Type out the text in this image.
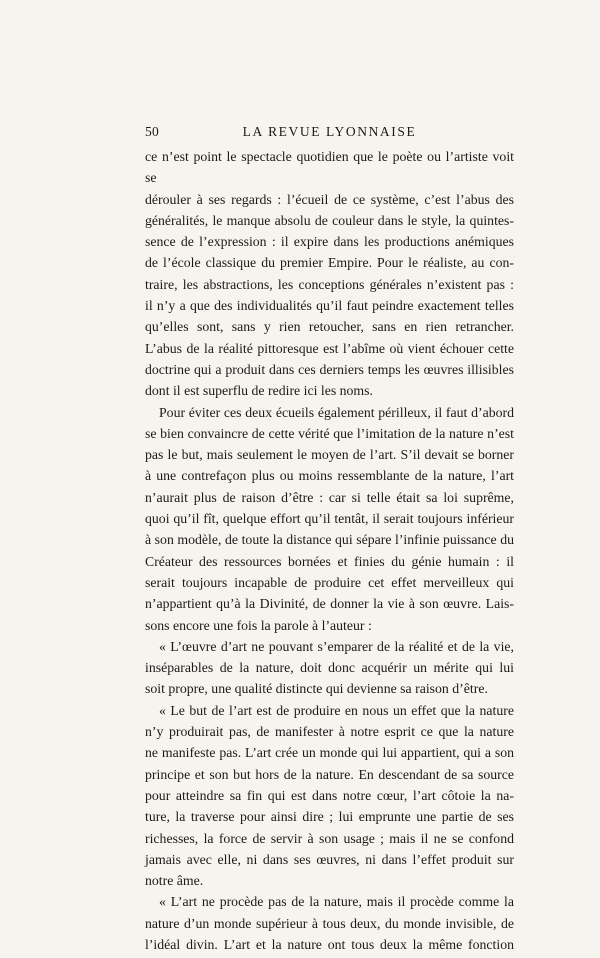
50	LA REVUE LYONNAISE

ce n’est point le spectacle quotidien que le poète ou l’artiste voit se

dérouler à ses regards : l’écueil de ce système, c’est l’abus des

généralités, le manque absolu de couleur dans le style, la quintes-

sence de l’expression : il expire dans les productions anémiques

de l’école classique du premier Empire. Pour le réaliste, au con-

traire, les abstractions, les conceptions générales n’existent pas :

il n’y a que des individualités qu’il faut peindre exactement telles

qu’elles sont, sans y rien retoucher, sans en rien retrancher.

L’abus de la réalité pittoresque est l’abîme où vient échouer cette

doctrine qui a produit dans ces derniers temps les œuvres illisibles

dont il est superflu de redire ici les noms.

Pour éviter ces deux écueils également périlleux, il faut d’abord

se bien convaincre de cette vérité que l’imitation de la nature n’est

pas le but, mais seulement le moyen de l’art. S’il devait se borner

à une contrefaçon plus ou moins ressemblante de la nature, l’art

n’aurait plus de raison d’être : car si telle était sa loi suprême,

quoi qu’il fît, quelque effort qu’il tentât, il serait toujours inférieur

à son modèle, de toute la distance qui sépare l’infinie puissance du

Créateur des ressources bornées et finies du génie humain : il

serait toujours incapable de produire cet effet merveilleux qui

n’appartient qu’à la Divinité, de donner la vie à son œuvre. Lais-

sons encore une fois la parole à l’auteur :

« L’œuvre d’art ne pouvant s’emparer de la réalité et de la vie,

inséparables de la nature, doit donc acquérir un mérite qui lui

soit propre, une qualité distincte qui devienne sa raison d’être.

« Le but de l’art est de produire en nous un effet que la nature

n’y produirait pas, de manifester à notre esprit ce que la nature

ne manifeste pas. L’art crée un monde qui lui appartient, qui a son

principe et son but hors de la nature. En descendant de sa source

pour atteindre sa fin qui est dans notre cœur, l’art côtoie la na-

ture, la traverse pour ainsi dire ; lui emprunte une partie de ses

richesses, la force de servir à son usage ; mais il ne se confond

jamais avec elle, ni dans ses œuvres, ni dans l’effet produit sur

notre âme.

« L’art ne procède pas de la nature, mais il procède comme la

nature d’un monde supérieur à tous deux, du monde invisible, de

l’idéal divin. L’art et la nature ont tous deux la même fonction
